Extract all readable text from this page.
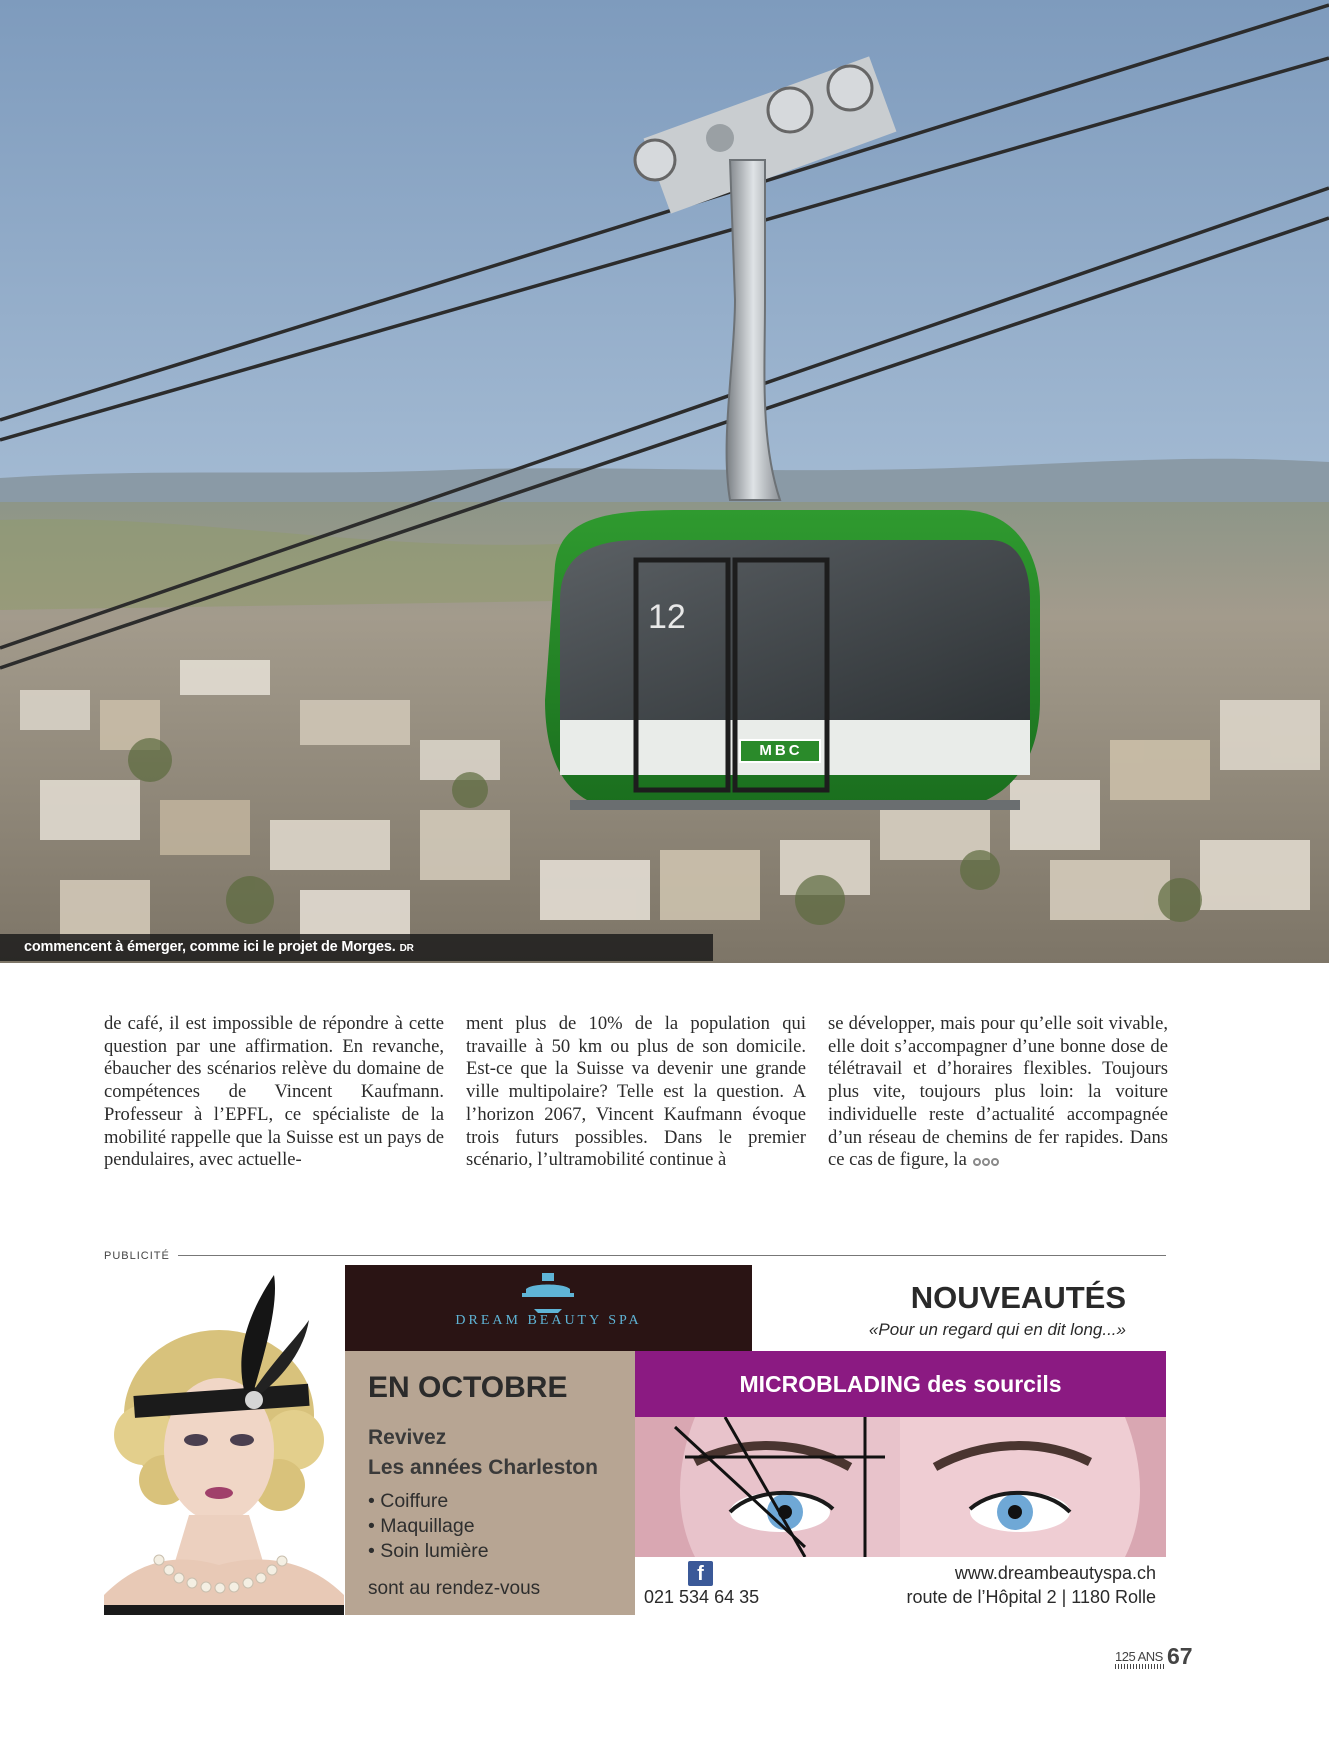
12
MBC
commencent à émerger, comme ici le projet de Morges. DR

de café, il est impossible de répondre à cette question par une affirmation. En revanche, ébaucher des scénarios relève du domaine de compétences de Vincent Kaufmann. Professeur à l’EPFL, ce spécialiste de la mobilité rappelle que la Suisse est un pays de pendulaires, avec actuelle-

ment plus de 10% de la population qui travaille à 50 km ou plus de son domicile. Est-ce que la Suisse va devenir une grande ville multipolaire? Telle est la question. A l’horizon 2067, Vincent Kaufmann évoque trois futurs possibles. Dans le premier scénario, l’ultramobilité continue à

se développer, mais pour qu’elle soit vivable, elle doit s’accompagner d’une bonne dose de télétravail et d’horaires flexibles. Toujours plus vite, toujours plus loin: la voiture individuelle reste d’actualité accompagnée d’un réseau de chemins de fer rapides. Dans ce cas de figure, la

PUBLICITÉ
DREAM BEAUTY SPA
EN OCTOBRE
Revivez
Les années Charleston
• Coiffure
• Maquillage
• Soin lumière
sont au rendez-vous
NOUVEAUTÉS
«Pour un regard qui en dit long...»
MICROBLADING des sourcils
f
021 534 64 35
www.dreambeautyspa.ch
route de l’Hôpital 2 | 1180 Rolle
125 ANS 67
